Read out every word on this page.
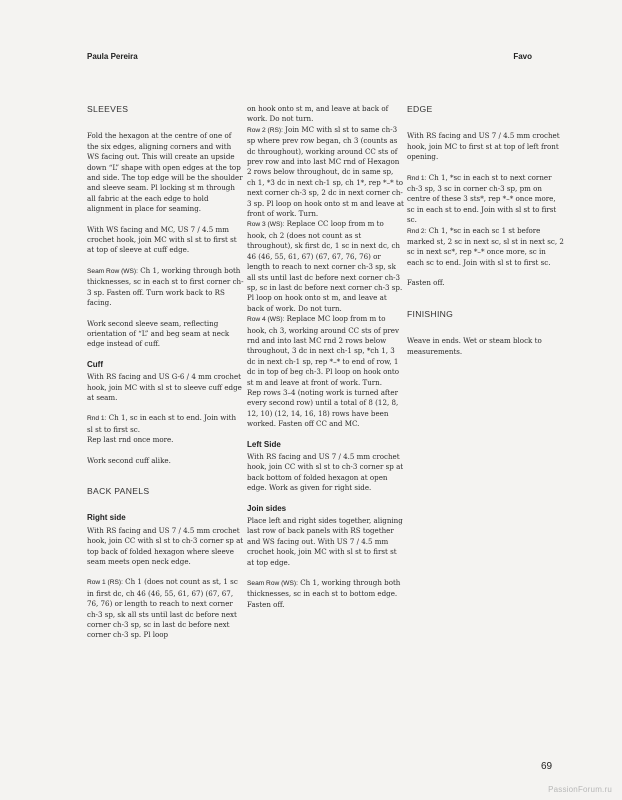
Paula Pereira	Favo
SLEEVES

Fold the hexagon at the centre of one of the six edges, aligning corners and with WS facing out. This will create an upside down “L” shape with open edges at the top and side. The top edge will be the shoulder and sleeve seam. Pl locking st m through all fabric at the each edge to hold alignment in place for seaming.

With WS facing and MC, US 7 / 4.5 mm crochet hook, join MC with sl st to first st at top of sleeve at cuff edge.

Seam Row (WS): Ch 1, working through both thicknesses, sc in each st to first corner ch-3 sp. Fasten off. Turn work back to RS facing.

Work second sleeve seam, reflecting orientation of “L” and beg seam at neck edge instead of cuff.

Cuff

With RS facing and US G-6 / 4 mm crochet hook, join MC with sl st to sleeve cuff edge at seam.

Rnd 1: Ch 1, sc in each st to end. Join with sl st to first sc.

Rep last rnd once more.

Work second cuff alike.

BACK PANELS
Right side

With RS facing and US 7 / 4.5 mm crochet hook, join CC with sl st to ch-3 corner sp at top back of folded hexagon where sleeve seam meets open neck edge.

Row 1 (RS): Ch 1 (does not count as st, 1 sc in first dc, ch 46 (46, 55, 61, 67) (67, 67, 76, 76) or length to reach to next corner ch-3 sp, sk all sts until last dc before next corner ch-3 sp, sc in last dc before next corner ch-3 sp. Pl loop

on hook onto st m, and leave at back of work. Do not turn.
Row 2 (RS): Join MC with sl st to same ch-3 sp where prev row began, ch 3 (counts as dc throughout), working around CC sts of prev row and into last MC rnd of Hexagon 2 rows below throughout, dc in same sp, ch 1, *3 dc in next ch-1 sp, ch 1*, rep *–* to next corner ch-3 sp, 2 dc in next corner ch-3 sp. Pl loop on hook onto st m and leave at front of work. Turn.
Row 3 (WS): Replace CC loop from m to hook, ch 2 (does not count as st throughout), sk first dc, 1 sc in next dc, ch 46 (46, 55, 61, 67) (67, 67, 76, 76) or length to reach to next corner ch-3 sp, sk all sts until last dc before next corner ch-3 sp, sc in last dc before next corner ch-3 sp. Pl loop on hook onto st m, and leave at back of work. Do not turn.
Row 4 (WS): Replace MC loop from m to hook, ch 3, working around CC sts of prev rnd and into last MC rnd 2 rows below throughout, 3 dc in next ch-1 sp, *ch 1, 3 dc in next ch-1 sp, rep *–* to end of row, 1 dc in top of beg ch-3. Pl loop on hook onto st m and leave at front of work. Turn.

Rep rows 3–4 (noting work is turned after every second row) until a total of 8 (12, 8, 12, 10) (12, 14, 16, 18) rows have been worked. Fasten off CC and MC.

Left Side

With RS facing and US 7 / 4.5 mm crochet hook, join CC with sl st to ch-3 corner sp at back bottom of folded hexagon at open edge. Work as given for right side.

Join sides

Place left and right sides together, aligning last row of back panels with RS together and WS facing out. With US 7 / 4.5 mm crochet hook, join MC with sl st to first st at top edge.

Seam Row (WS): Ch 1, working through both thicknesses, sc in each st to bottom edge. Fasten off.

EDGE

With RS facing and US 7 / 4.5 mm crochet hook, join MC to first st at top of left front opening.

Rnd 1: Ch 1, *sc in each st to next corner ch-3 sp, 3 sc in corner ch-3 sp, pm on centre of these 3 sts*, rep *–* once more, sc in each st to end. Join with sl st to first sc.

Rnd 2: Ch 1, *sc in each sc 1 st before marked st, 2 sc in next sc, sl st in next sc, 2 sc in next sc*, rep *–* once more, sc in each sc to end. Join with sl st to first sc.

Fasten off.

FINISHING

Weave in ends. Wet or steam block to measurements.

69
PassionForum.ru
